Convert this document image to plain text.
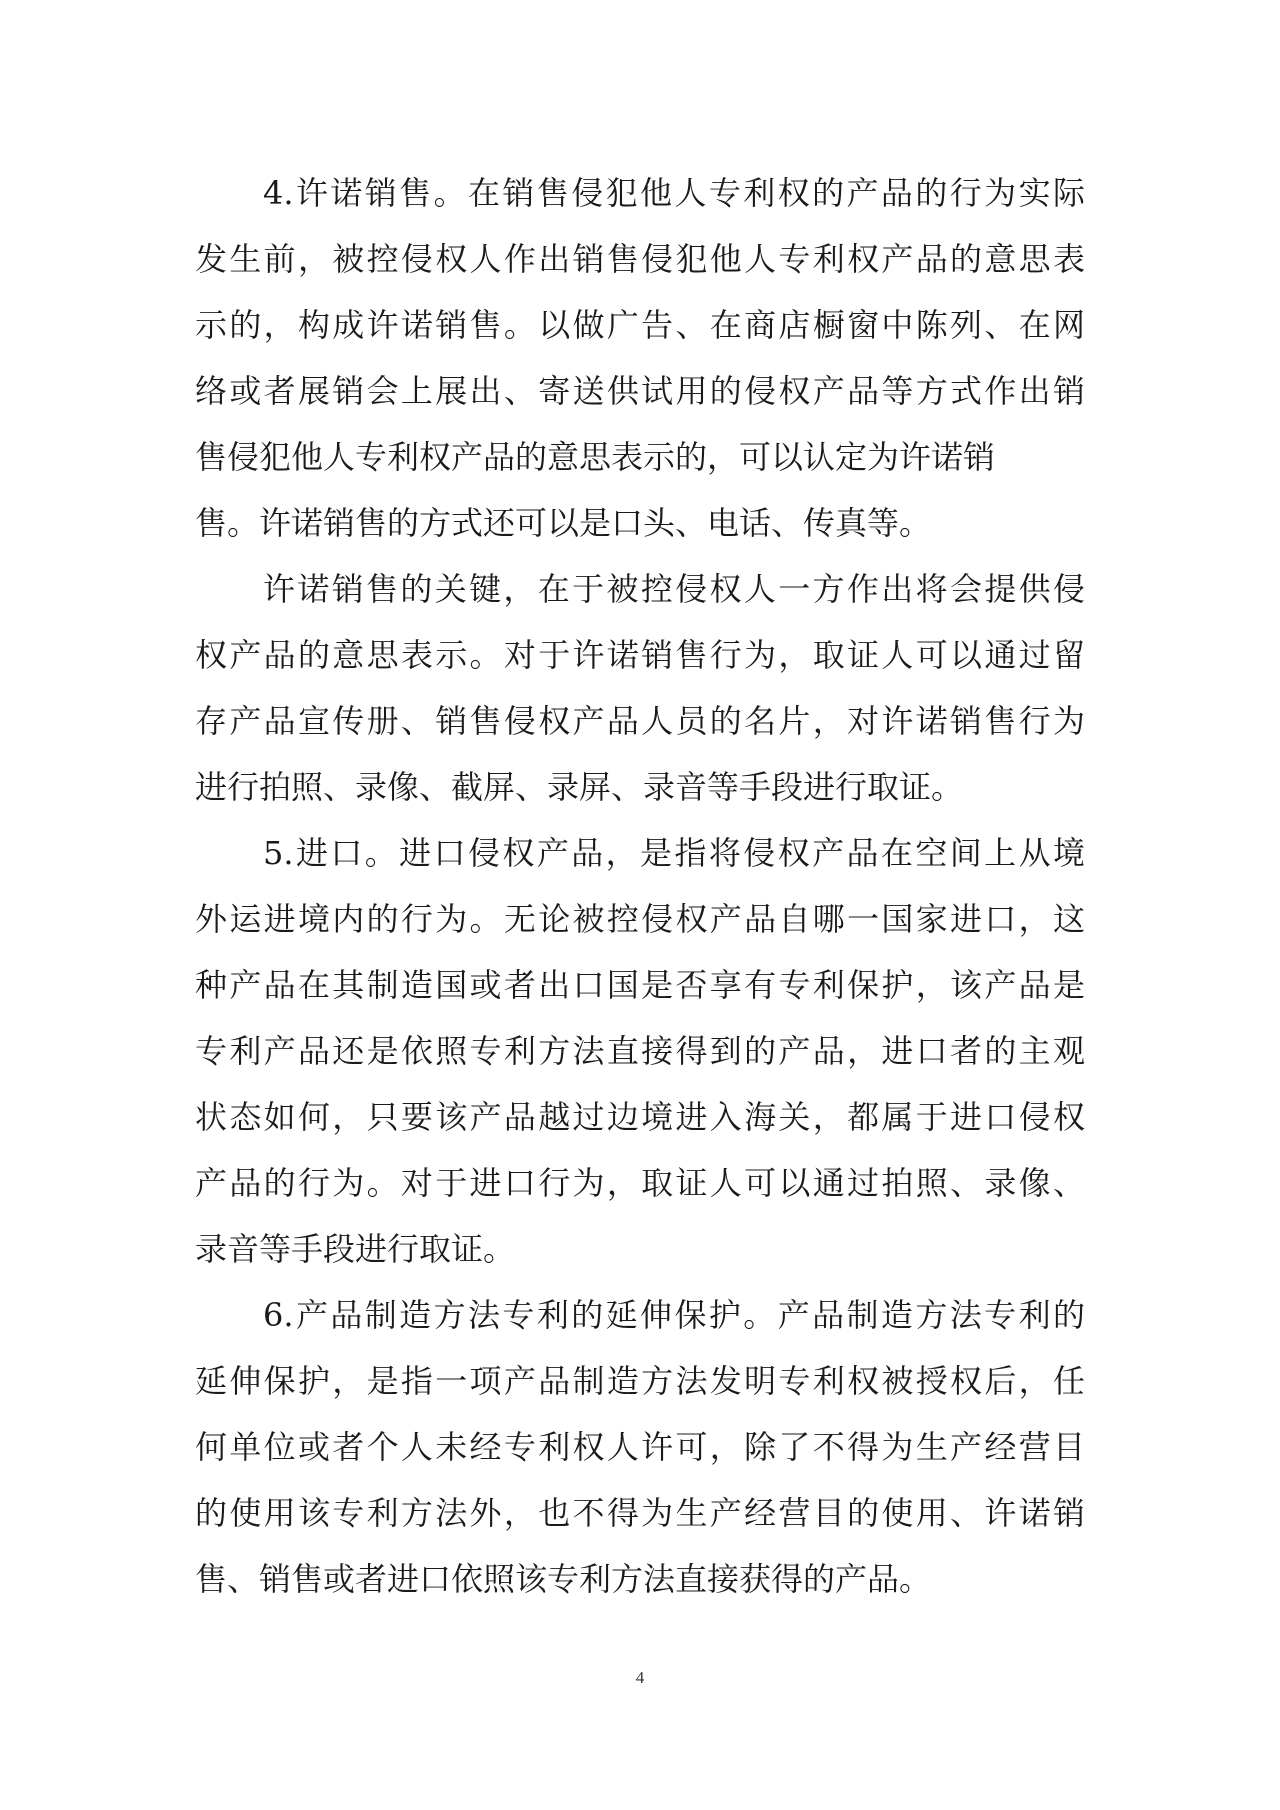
4.许诺销售。在销售侵犯他人专利权的产品的行为实际
发生前，被控侵权人作出销售侵犯他人专利权产品的意思表
示的，构成许诺销售。以做广告、在商店橱窗中陈列、在网
络或者展销会上展出、寄送供试用的侵权产品等方式作出销
售侵犯他人专利权产品的意思表示的，可以认定为许诺销
售。许诺销售的方式还可以是口头、电话、传真等。
许诺销售的关键，在于被控侵权人一方作出将会提供侵
权产品的意思表示。对于许诺销售行为，取证人可以通过留
存产品宣传册、销售侵权产品人员的名片，对许诺销售行为
进行拍照、录像、截屏、录屏、录音等手段进行取证。
5.进口。进口侵权产品，是指将侵权产品在空间上从境
外运进境内的行为。无论被控侵权产品自哪一国家进口，这
种产品在其制造国或者出口国是否享有专利保护，该产品是
专利产品还是依照专利方法直接得到的产品，进口者的主观
状态如何，只要该产品越过边境进入海关，都属于进口侵权
产品的行为。对于进口行为，取证人可以通过拍照、录像、
录音等手段进行取证。
6.产品制造方法专利的延伸保护。产品制造方法专利的
延伸保护，是指一项产品制造方法发明专利权被授权后，任
何单位或者个人未经专利权人许可，除了不得为生产经营目
的使用该专利方法外，也不得为生产经营目的使用、许诺销
售、销售或者进口依照该专利方法直接获得的产品。
4
